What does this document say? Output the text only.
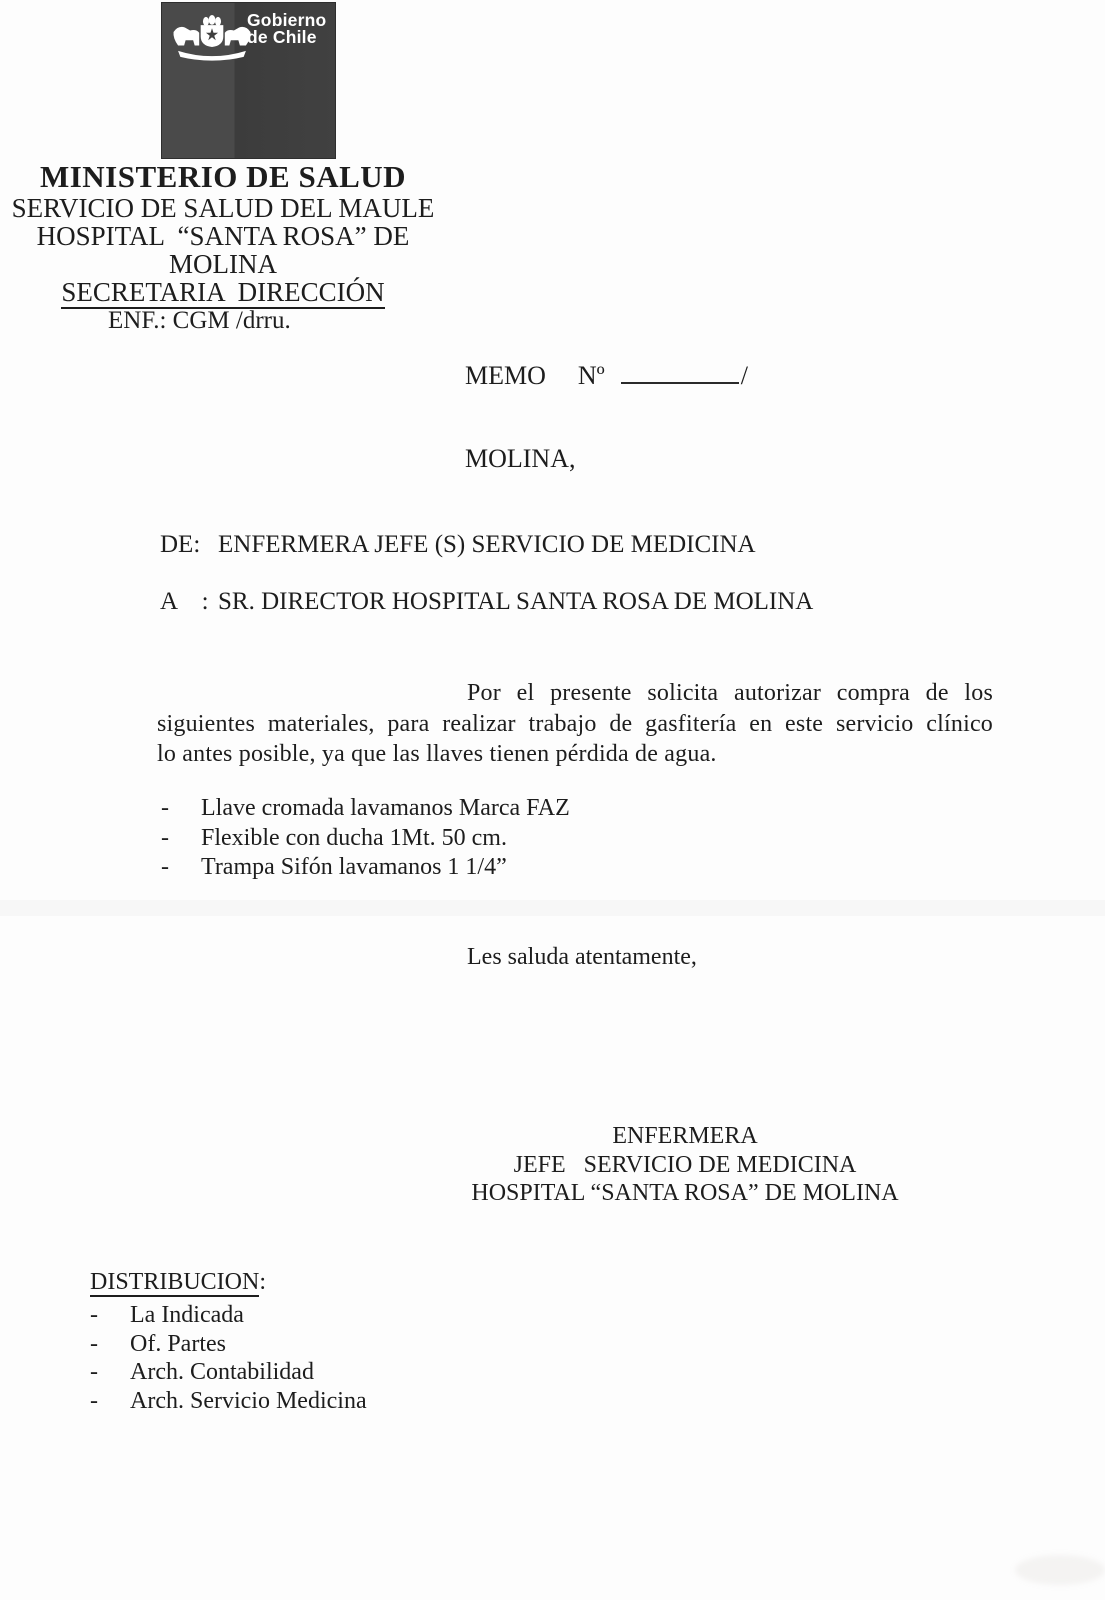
Gobierno
de Chile
MINISTERIO DE SALUD
SERVICIO DE SALUD DEL MAULE
HOSPITAL  “SANTA ROSA” DE MOLINA
SECRETARIA  DIRECCIÓN
ENF.: CGM /drru.
MEMO Nº	/
MOLINA,
DE: ENFERMERA JEFE (S) SERVICIO DE MEDICINA
A    : SR. DIRECTOR HOSPITAL SANTA ROSA DE MOLINA
Por el presente solicita autorizar compra de los
siguientes materiales, para realizar trabajo de gasfitería en este servicio clínico
lo antes posible, ya que las llaves tienen pérdida de agua.
-	Llave cromada lavamanos Marca FAZ
-	Flexible con ducha 1Mt. 50 cm.
-	Trampa Sifón lavamanos 1 1/4”
Les saluda atentamente,
ENFERMERA
JEFE   SERVICIO DE MEDICINA
HOSPITAL “SANTA ROSA” DE MOLINA
DISTRIBUCION:
-	La Indicada
-	Of. Partes
-	Arch. Contabilidad
-	Arch. Servicio Medicina
